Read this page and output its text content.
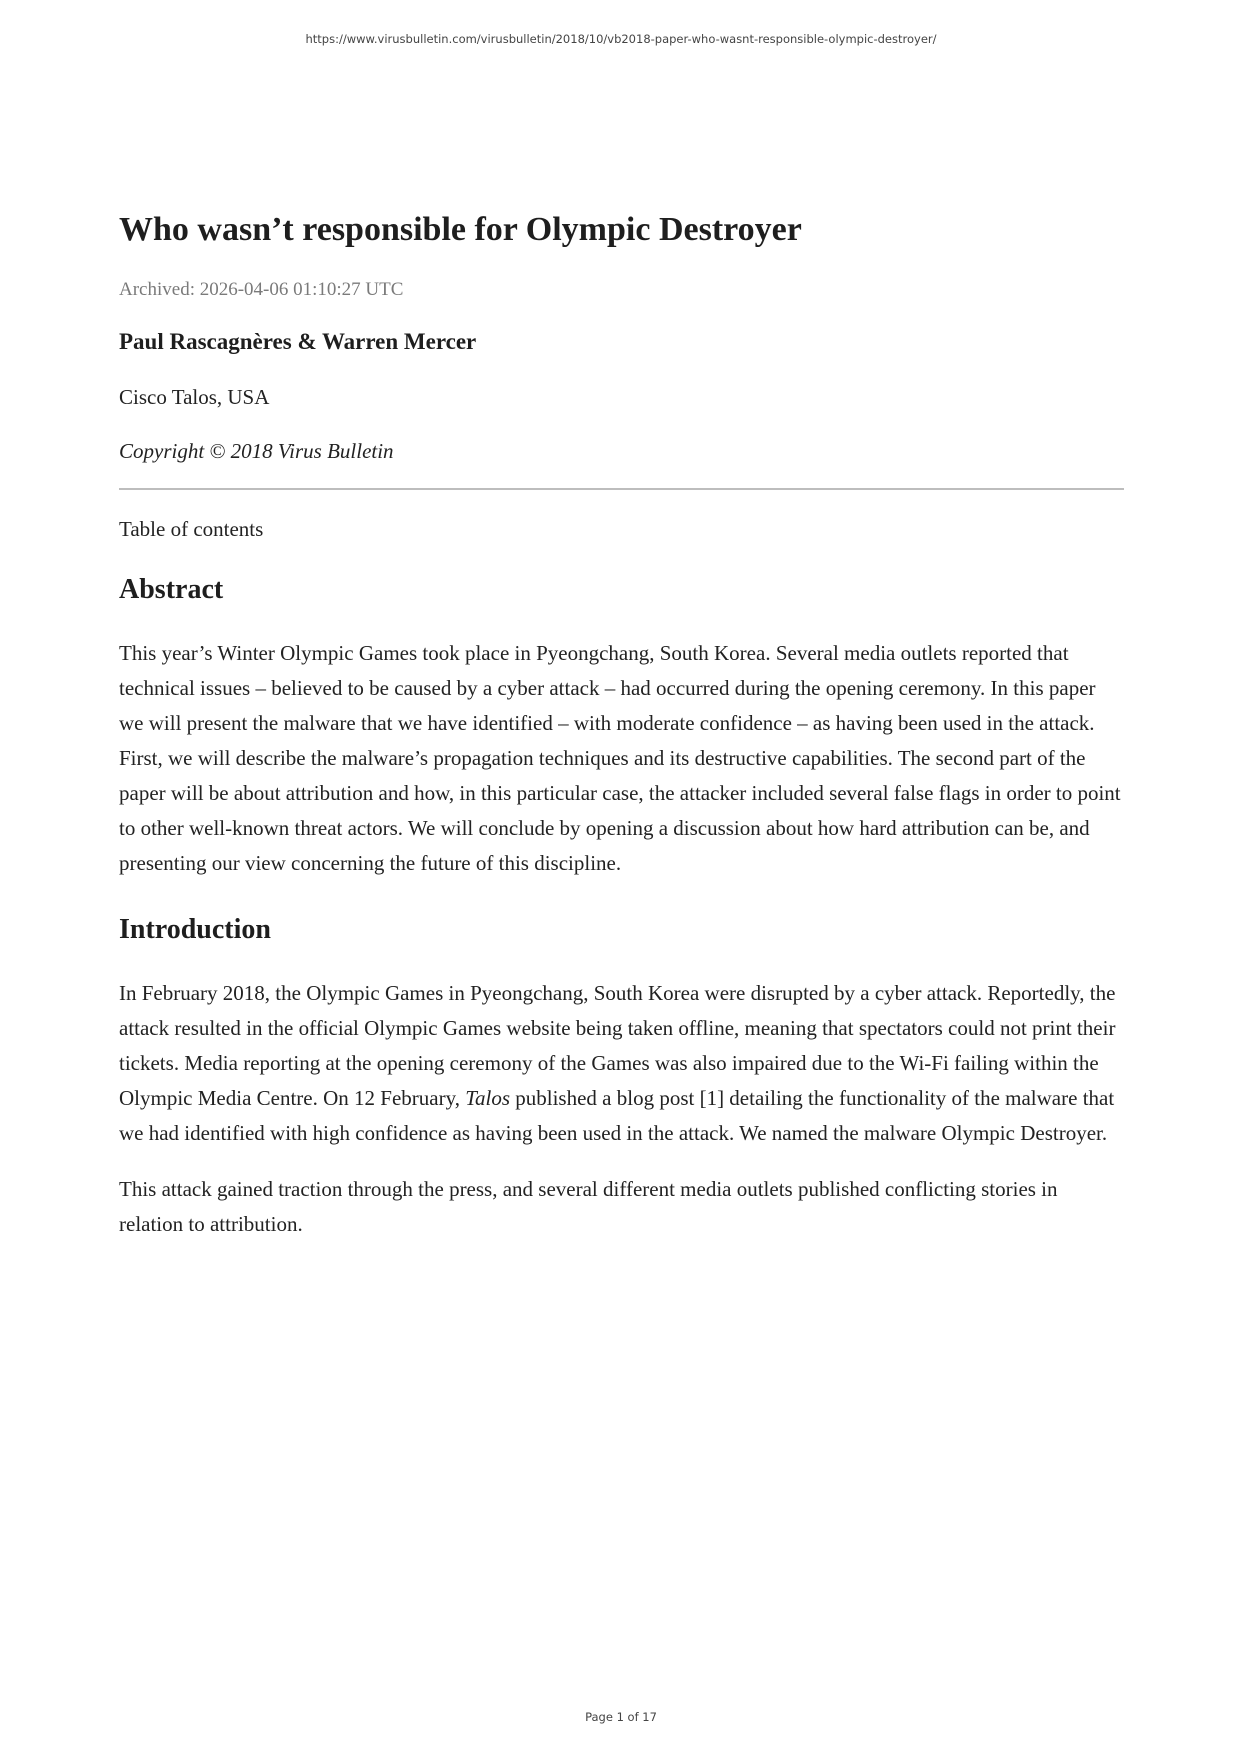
https://www.virusbulletin.com/virusbulletin/2018/10/vb2018-paper-who-wasnt-responsible-olympic-destroyer/
Who wasn’t responsible for Olympic Destroyer
Archived: 2026-04-06 01:10:27 UTC
Paul Rascagnères & Warren Mercer
Cisco Talos, USA
Copyright © 2018 Virus Bulletin
Table of contents
Abstract

This year’s Winter Olympic Games took place in Pyeongchang, South Korea. Several media outlets reported that technical issues – believed to be caused by a cyber attack – had occurred during the opening ceremony. In this paper we will present the malware that we have identified – with moderate confidence – as having been used in the attack. First, we will describe the malware’s propagation techniques and its destructive capabilities. The second part of the paper will be about attribution and how, in this particular case, the attacker included several false flags in order to point to other well-known threat actors. We will conclude by opening a discussion about how hard attribution can be, and presenting our view concerning the future of this discipline.

Introduction

In February 2018, the Olympic Games in Pyeongchang, South Korea were disrupted by a cyber attack. Reportedly, the attack resulted in the official Olympic Games website being taken offline, meaning that spectators could not print their tickets. Media reporting at the opening ceremony of the Games was also impaired due to the Wi-Fi failing within the Olympic Media Centre. On 12 February, Talos published a blog post [1] detailing the functionality of the malware that we had identified with high confidence as having been used in the attack. We named the malware Olympic Destroyer.

This attack gained traction through the press, and several different media outlets published conflicting stories in relation to attribution.

Page 1 of 17
